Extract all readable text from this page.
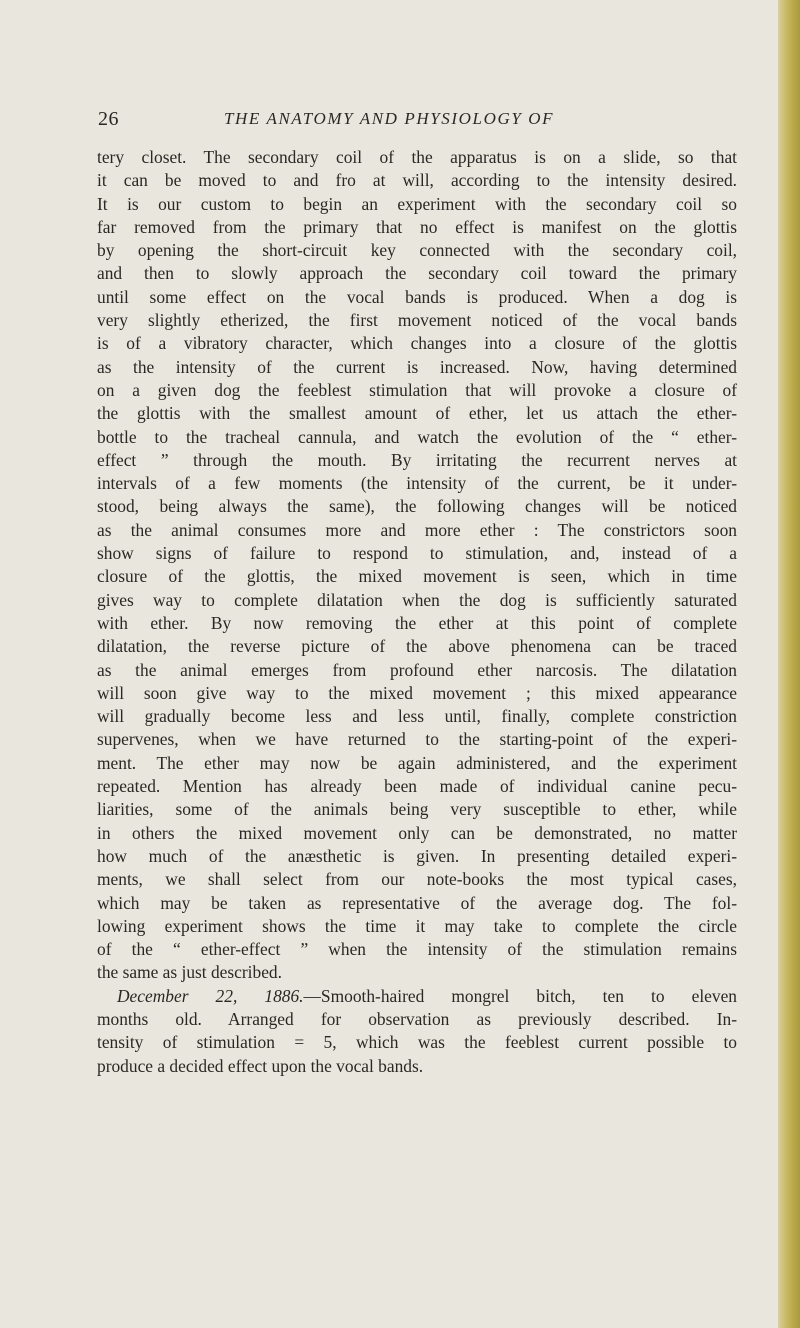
26	THE ANATOMY AND PHYSIOLOGY OF
tery closet. The secondary coil of the apparatus is on a slide, so that
it can be moved to and fro at will, according to the intensity desired.
It is our custom to begin an experiment with the secondary coil so
far removed from the primary that no effect is manifest on the glottis
by opening the short-circuit key connected with the secondary coil,
and then to slowly approach the secondary coil toward the primary
until some effect on the vocal bands is produced. When a dog is
very slightly etherized, the first movement noticed of the vocal bands
is of a vibratory character, which changes into a closure of the glottis
as the intensity of the current is increased. Now, having determined
on a given dog the feeblest stimulation that will provoke a closure of
the glottis with the smallest amount of ether, let us attach the ether-
bottle to the tracheal cannula, and watch the evolution of the “ ether-
effect ” through the mouth. By irritating the recurrent nerves at
intervals of a few moments (the intensity of the current, be it under-
stood, being always the same), the following changes will be noticed
as the animal consumes more and more ether : The constrictors soon
show signs of failure to respond to stimulation, and, instead of a
closure of the glottis, the mixed movement is seen, which in time
gives way to complete dilatation when the dog is sufficiently saturated
with ether. By now removing the ether at this point of complete
dilatation, the reverse picture of the above phenomena can be traced
as the animal emerges from profound ether narcosis. The dilatation
will soon give way to the mixed movement ; this mixed appearance
will gradually become less and less until, finally, complete constriction
supervenes, when we have returned to the starting-point of the experi-
ment. The ether may now be again administered, and the experiment
repeated. Mention has already been made of individual canine pecu-
liarities, some of the animals being very susceptible to ether, while
in others the mixed movement only can be demonstrated, no matter
how much of the anæsthetic is given. In presenting detailed experi-
ments, we shall select from our note-books the most typical cases,
which may be taken as representative of the average dog. The fol-
lowing experiment shows the time it may take to complete the circle
of the “ ether-effect ” when the intensity of the stimulation remains
the same as just described.
December 22, 1886.—Smooth-haired mongrel bitch, ten to eleven
months old. Arranged for observation as previously described. In-
tensity of stimulation = 5, which was the feeblest current possible to
produce a decided effect upon the vocal bands.
